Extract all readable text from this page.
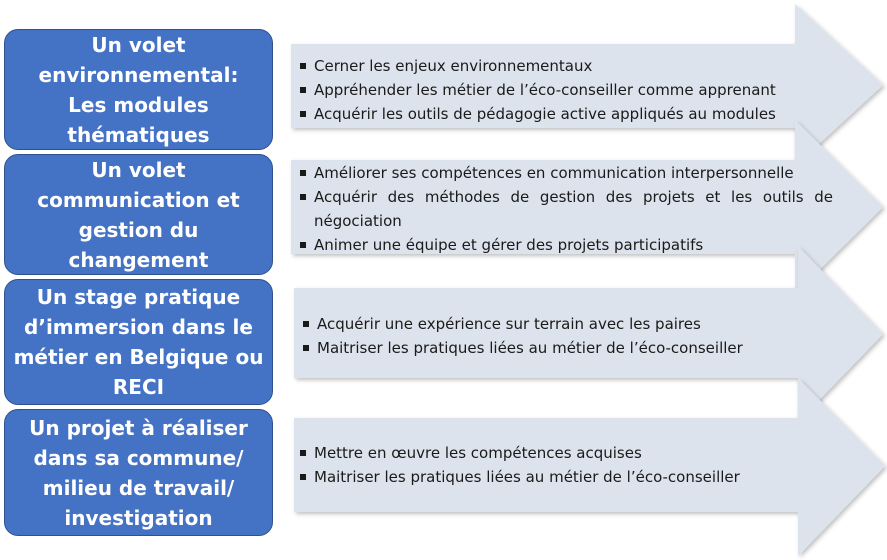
Un volet
environnemental:
Les modules
thématiques
Cerner les enjeux environnementaux
Appréhender les métier de l’éco-conseiller comme apprenant
Acquérir les outils de pédagogie active appliqués au modules
Un volet
communication et
gestion du
changement
Améliorer ses compétences en communication interpersonnelle
Acquérir des méthodes de gestion des projets et les outils de négociation
Animer une équipe et gérer des projets participatifs
Un stage pratique
d’immersion dans le
métier en Belgique ou
RECI
Acquérir une expérience sur terrain avec les paires
Maitriser les pratiques liées au métier de l’éco-conseiller
Un projet à réaliser
dans sa commune/
milieu de travail/
investigation
Mettre en œuvre les compétences acquises
Maitriser les pratiques liées au métier de l’éco-conseiller
